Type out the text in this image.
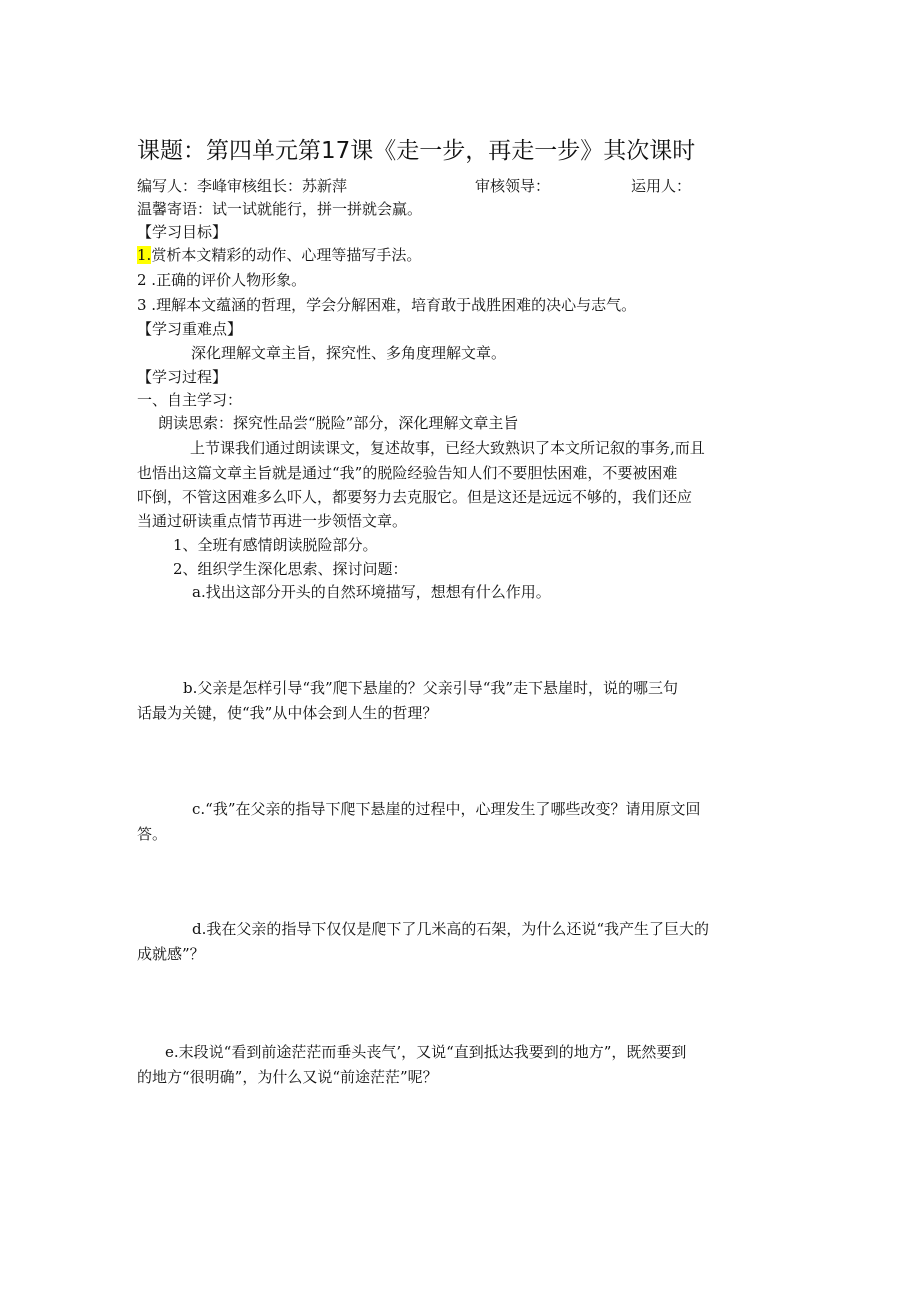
课题：第四单元第17课《走一步，再走一步》其次课时
编写人：李峰审核组长：苏新萍	审核领导：	运用人：

温馨寄语：试一试就能行，拼一拼就会赢。

【学习目标】

1.赏析本文精彩的动作、心理等描写手法。

2 .正确的评价人物形象。

3 .理解本文蕴涵的哲理，学会分解困难，培育敢于战胜困难的决心与志气。

【学习重难点】

深化理解文章主旨，探究性、多角度理解文章。

【学习过程】

一、自主学习：

朗读思索：探究性品尝“脱险”部分，深化理解文章主旨

上节课我们通过朗读课文，复述故事，已经大致熟识了本文所记叙的事务,而且

也悟出这篇文章主旨就是通过“我”的脱险经验告知人们不要胆怯困难，不要被困难

吓倒，不管这困难多么吓人，都要努力去克服它。但是这还是远远不够的，我们还应

当通过研读重点情节再进一步领悟文章。

1、全班有感情朗读脱险部分。

2、组织学生深化思索、探讨问题：

a.找出这部分开头的自然环境描写，想想有什么作用。

b.父亲是怎样引导“我”爬下悬崖的？父亲引导“我”走下悬崖时，说的哪三句

话最为关键，使“我”从中体会到人生的哲理？

c.“我”在父亲的指导下爬下悬崖的过程中，心理发生了哪些改变？请用原文回

答。

d.我在父亲的指导下仅仅是爬下了几米高的石架，为什么还说“我产生了巨大的

成就感”？

e.末段说“看到前途茫茫而垂头丧气’，又说“直到抵达我要到的地方”，既然要到

的地方“很明确”，为什么又说“前途茫茫”呢？
